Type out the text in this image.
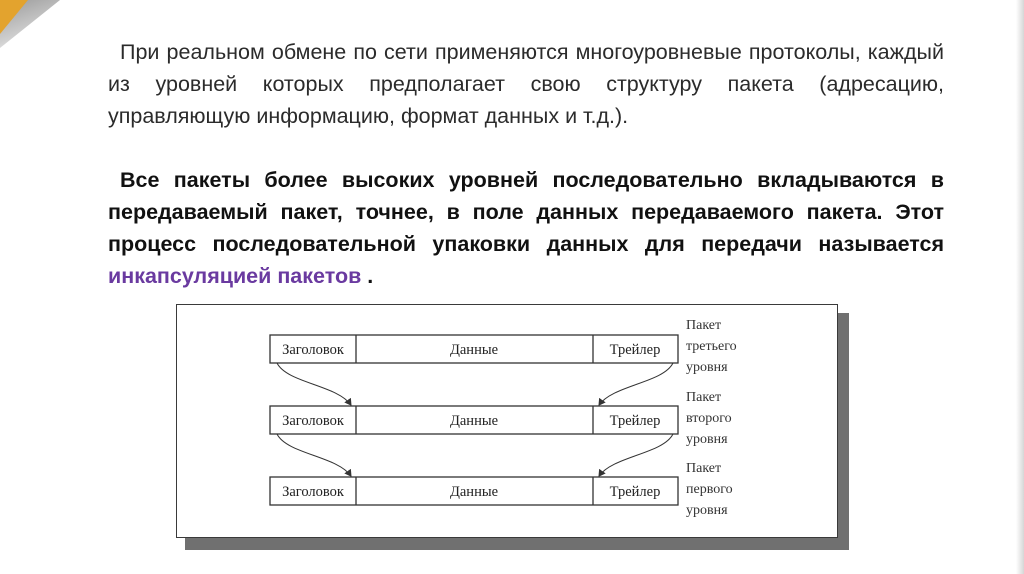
При реальном обмене по сети применяются многоуровневые протоколы, каждый из уровней которых предполагает свою структуру пакета (адресацию, управляющую информацию, формат данных и т.д.).
Все пакеты более высоких уровней последовательно вкладываются в передаваемый пакет, точнее, в поле данных передаваемого пакета. Этот процесс последовательной упаковки данных для передачи называется инкапсуляцией пакетов .
Заголовок	Данные	Трейлер
Пакет
третьего
уровня
Заголовок	Данные	Трейлер
Пакет
второго
уровня
Заголовок	Данные	Трейлер
Пакет
первого
уровня
